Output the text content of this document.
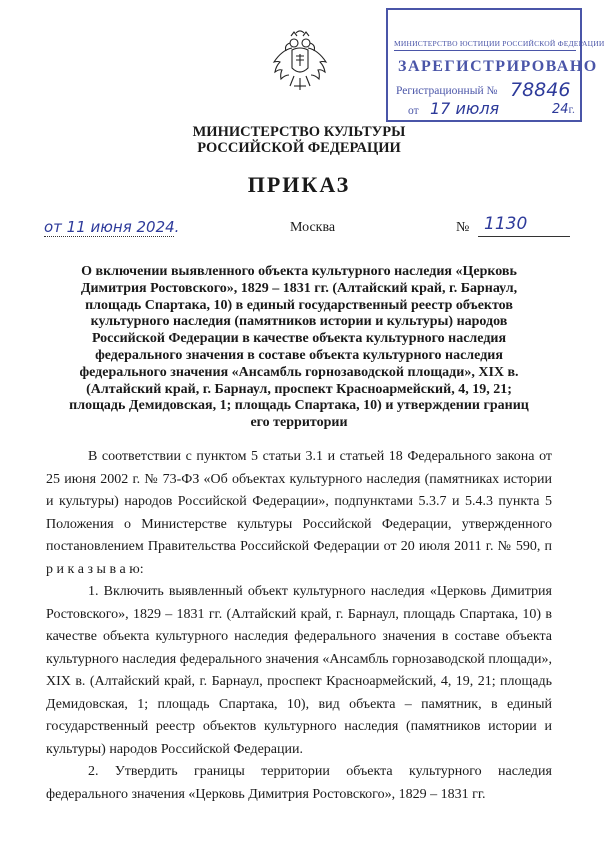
МИНИСТЕРСТВО ЮСТИЦИИ РОССИЙСКОЙ ФЕДЕРАЦИИ
ЗАРЕГИСТРИРОВАНО
Регистрационный № 78846
от 17 июля	24г.
МИНИСТЕРСТВО КУЛЬТУРЫ
РОССИЙСКОЙ ФЕДЕРАЦИИ
ПРИКАЗ
от 11 июня 2024.	Москва	№ 1130
О включении выявленного объекта культурного наследия «Церковь Димитрия Ростовского», 1829 – 1831 гг. (Алтайский край, г. Барнаул, площадь Спартака, 10) в единый государственный реестр объектов культурного наследия (памятников истории и культуры) народов Российской Федерации в качестве объекта культурного наследия федерального значения в составе объекта культурного наследия федерального значения «Ансамбль горнозаводской площади», XIX в. (Алтайский край, г. Барнаул, проспект Красноармейский, 4, 19, 21; площадь Демидовская, 1; площадь Спартака, 10) и утверждении границ его территории

В соответствии с пунктом 5 статьи 3.1 и статьей 18 Федерального закона от 25 июня 2002 г. № 73-ФЗ «Об объектах культурного наследия (памятниках истории и культуры) народов Российской Федерации», подпунктами 5.3.7 и 5.4.3 пункта 5 Положения о Министерстве культуры Российской Федерации, утвержденного постановлением Правительства Российской Федерации от 20 июля 2011 г. № 590, п р и к а з ы в а ю:

1. Включить выявленный объект культурного наследия «Церковь Димитрия Ростовского», 1829 – 1831 гг. (Алтайский край, г. Барнаул, площадь Спартака, 10) в качестве объекта культурного наследия федерального значения в составе объекта культурного наследия федерального значения «Ансамбль горнозаводской площади», XIX в. (Алтайский край, г. Барнаул, проспект Красноармейский, 4, 19, 21; площадь Демидовская, 1; площадь Спартака, 10), вид объекта – памятник, в единый государственный реестр объектов культурного наследия (памятников истории и культуры) народов Российской Федерации.

2. Утвердить границы территории объекта культурного наследия федерального значения «Церковь Димитрия Ростовского», 1829 – 1831 гг.
